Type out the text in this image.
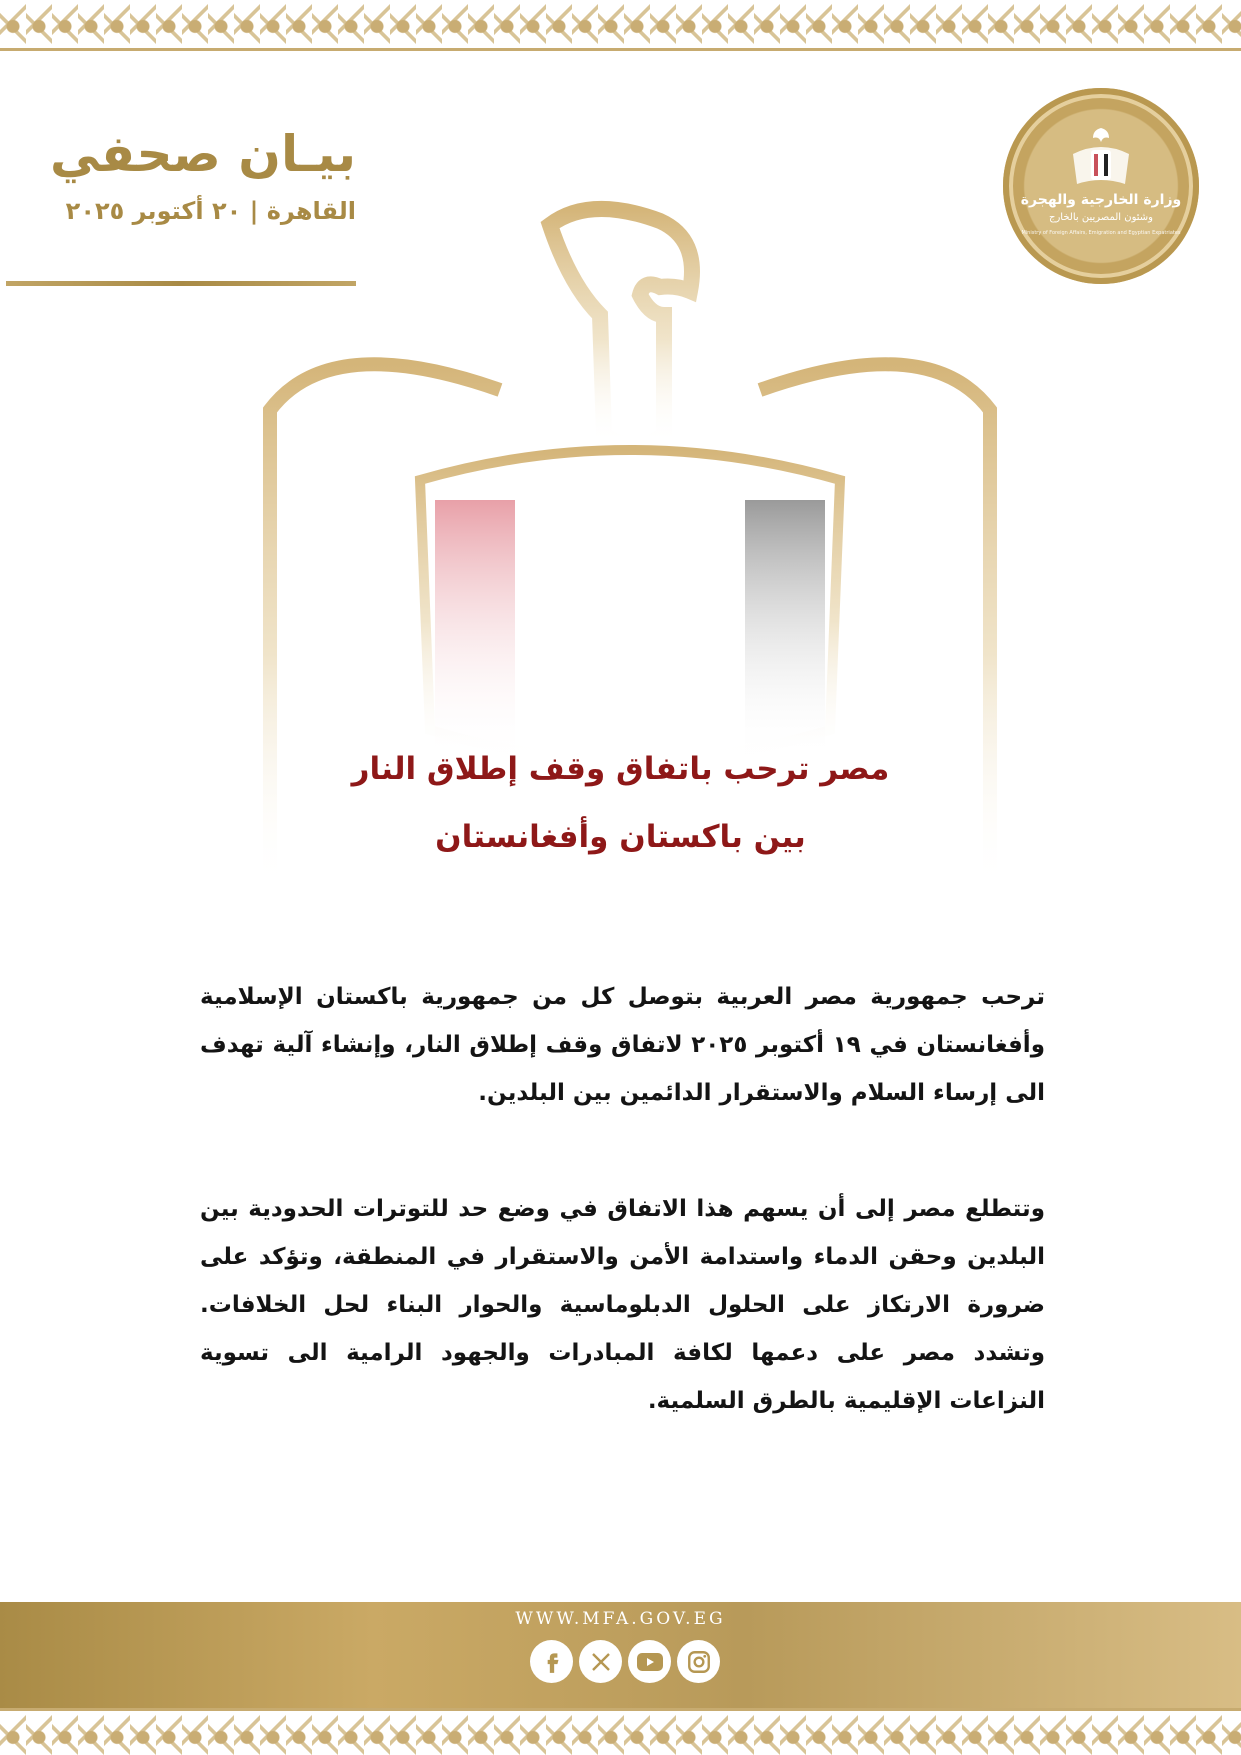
بيـان صحفي
القاهرة | ٢٠ أكتوبر ٢٠٢٥	وزارة الخارجية والهجرة
وشئون المصريين بالخارج
Ministry of Foreign Affairs, Emigration and Egyptian Expatriates
مصر ترحب باتفاق وقف إطلاق النار
بين باكستان وأفغانستان
ترحب جمهورية مصر العربية بتوصل كل من جمهورية باكستان الإسلامية وأفغانستان في ١٩ أكتوبر ٢٠٢٥ لاتفاق وقف إطلاق النار، وإنشاء آلية تهدف الى إرساء السلام والاستقرار الدائمين بين البلدين.
وتتطلع مصر إلى أن يسهم هذا الاتفاق في وضع حد للتوترات الحدودية بين البلدين وحقن الدماء واستدامة الأمن والاستقرار في المنطقة، وتؤكد على ضرورة الارتكاز على الحلول الدبلوماسية والحوار البناء لحل الخلافات. وتشدد مصر على دعمها لكافة المبادرات والجهود الرامية الى تسوية النزاعات الإقليمية بالطرق السلمية.
WWW.MFA.GOV.EG
